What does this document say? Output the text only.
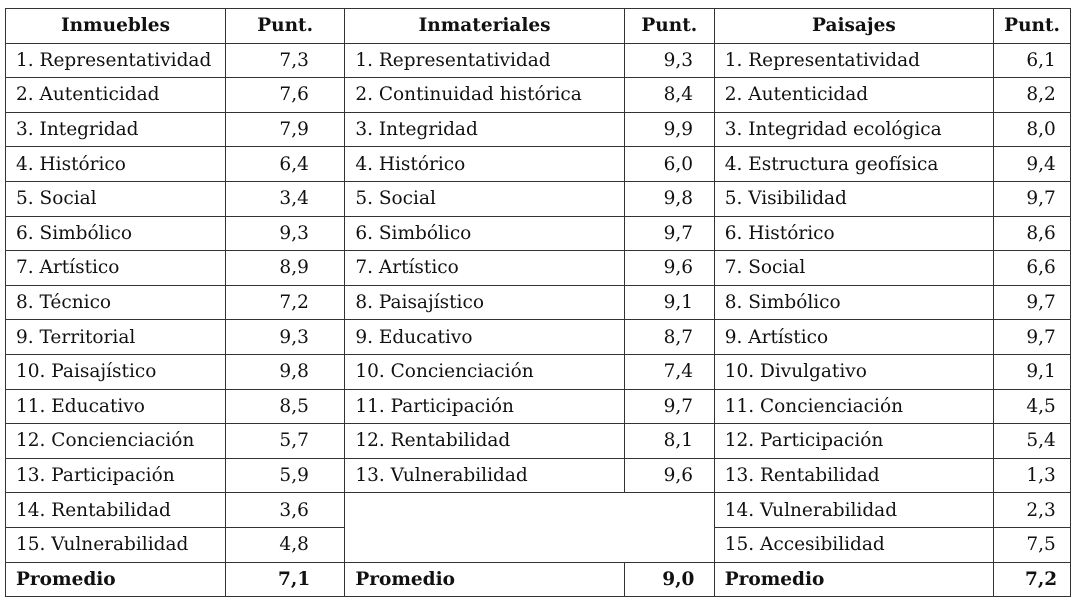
Inmuebles	Punt.	Inmateriales	Punt.	Paisajes	Punt.
1. Representatividad	7,3	1. Representatividad	9,3	1. Representatividad	6,1
2. Autenticidad	7,6	2. Continuidad histórica	8,4	2. Autenticidad	8,2
3. Integridad	7,9	3. Integridad	9,9	3. Integridad ecológica	8,0
4. Histórico	6,4	4. Histórico	6,0	4. Estructura geofísica	9,4
5. Social	3,4	5. Social	9,8	5. Visibilidad	9,7
6. Simbólico	9,3	6. Simbólico	9,7	6. Histórico	8,6
7. Artístico	8,9	7. Artístico	9,6	7. Social	6,6
8. Técnico	7,2	8. Paisajístico	9,1	8. Simbólico	9,7
9. Territorial	9,3	9. Educativo	8,7	9. Artístico	9,7
10. Paisajístico	9,8	10. Concienciación	7,4	10. Divulgativo	9,1
11. Educativo	8,5	11. Participación	9,7	11. Concienciación	4,5
12. Concienciación	5,7	12. Rentabilidad	8,1	12. Participación	5,4
13. Participación	5,9	13. Vulnerabilidad	9,6	13. Rentabilidad	1,3
14. Rentabilidad	3,6			14. Vulnerabilidad	2,3
15. Vulnerabilidad	4,8			15. Accesibilidad	7,5
Promedio	7,1	Promedio	9,0	Promedio	7,2
